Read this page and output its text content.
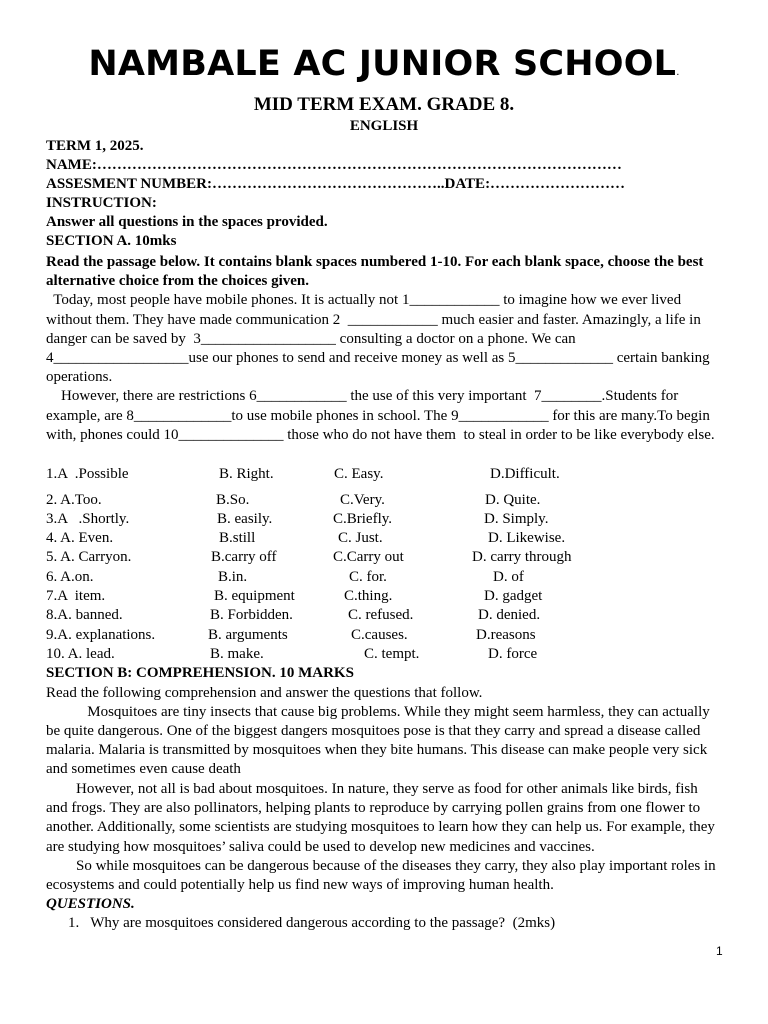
NAMBALE AC JUNIOR SCHOOL.
MID TERM EXAM. GRADE 8.
ENGLISH
TERM 1, 2025.
NAME:……………………………………………………………………………………………
ASSESMENT NUMBER:………………………………………..DATE:………………………
INSTRUCTION:
Answer all questions in the spaces provided.
SECTION A. 10mks
Read the passage below. It contains blank spaces numbered 1-10. For each blank space, choose the best
alternative choice from the choices given.
Today, most people have mobile phones. It is actually not 1____________ to imagine how we ever lived
without them. They have made communication 2  ____________ much easier and faster. Amazingly, a life in
danger can be saved by  3__________________ consulting a doctor on a phone. We can
4__________________use our phones to send and receive money as well as 5_____________ certain banking
operations.
However, there are restrictions 6____________ the use of this very important  7________.Students for
example, are 8_____________to use mobile phones in school. The 9____________ for this are many.To begin
with, phones could 10______________ those who do not have them  to steal in order to be like everybody else.
1.A  .Possible	B. Right.	C. Easy.	D.Difficult.
2. A.Too.	B.So.	C.Very.	D. Quite.
3.A   .Shortly.	B. easily.	C.Briefly.	D. Simply.
4. A. Even.	B.still	C. Just.	D. Likewise.
5. A. Carryon.	B.carry off	C.Carry out	D. carry through
6. A.on.	B.in.	C. for.	D. of
7.A  item.	B. equipment	C.thing.	D. gadget
8.A. banned.	B. Forbidden.	C. refused.	D. denied.
9.A. explanations.	B. arguments	C.causes.	D.reasons
10. A. lead.	B. make.	C. tempt.	D. force
SECTION B: COMPREHENSION. 10 MARKS
Read the following comprehension and answer the questions that follow.
Mosquitoes are tiny insects that cause big problems. While they might seem harmless, they can actually
be quite dangerous. One of the biggest dangers mosquitoes pose is that they carry and spread a disease called
malaria. Malaria is transmitted by mosquitoes when they bite humans. This disease can make people very sick
and sometimes even cause death
However, not all is bad about mosquitoes. In nature, they serve as food for other animals like birds, fish
and frogs. They are also pollinators, helping plants to reproduce by carrying pollen grains from one flower to
another. Additionally, some scientists are studying mosquitoes to learn how they can help us. For example, they
are studying how mosquitoes’ saliva could be used to develop new medicines and vaccines.
So while mosquitoes can be dangerous because of the diseases they carry, they also play important roles in
ecosystems and could potentially help us find new ways of improving human health.
QUESTIONS.
1.   Why are mosquitoes considered dangerous according to the passage?  (2mks)
1
